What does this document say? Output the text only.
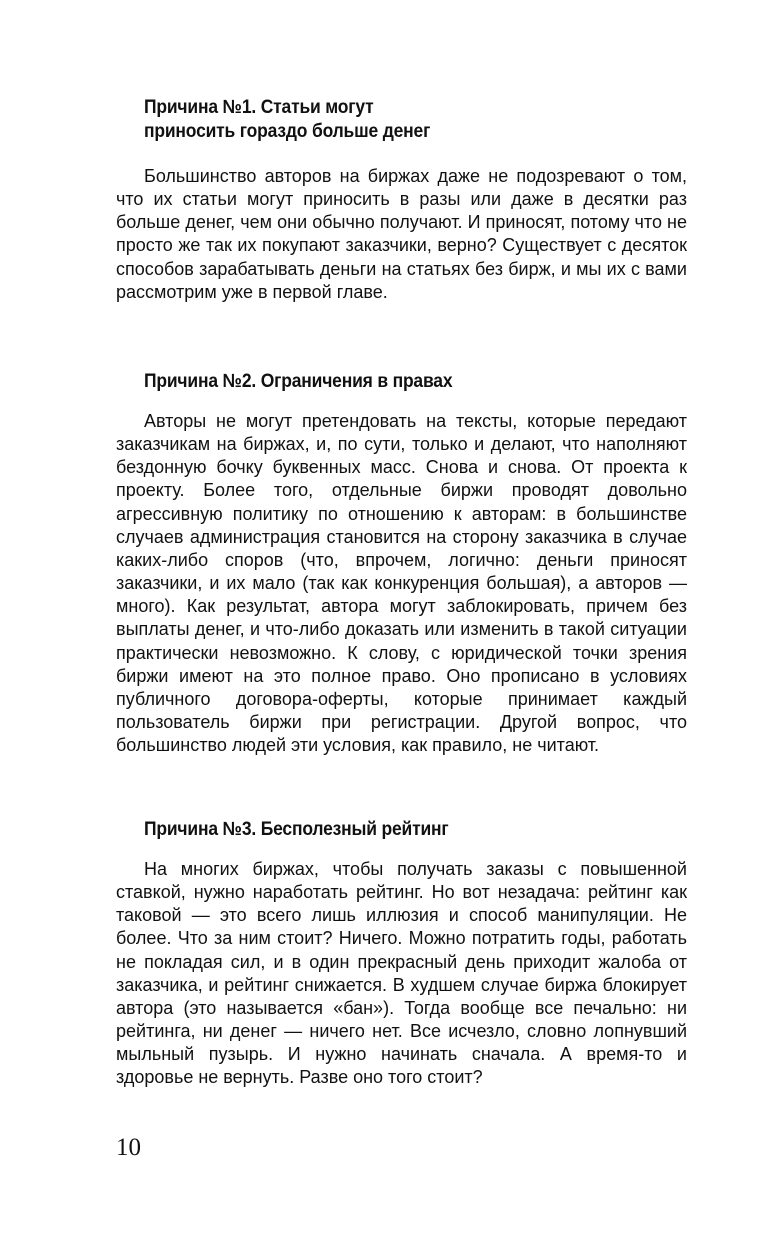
Причина №1. Статьи могут
приносить гораздо больше денег

Большинство авторов на биржах даже не подозревают о том, что их статьи могут приносить в разы или даже в десятки раз больше денег, чем они обычно получают. И приносят, потому что не просто же так их покупают заказчики, верно? Существует с десяток способов зарабатывать деньги на статьях без бирж, и мы их с вами рассмотрим уже в первой главе.

Причина №2. Ограничения в правах

Авторы не могут претендовать на тексты, которые передают заказчикам на биржах, и, по сути, только и делают, что наполняют бездонную бочку буквенных масс. Снова и снова. От проекта к проекту. Более того, отдельные биржи проводят довольно агрессивную политику по отношению к авторам: в большинстве случаев администрация становится на сторону заказчика в случае каких-либо споров (что, впрочем, логично: деньги приносят заказчики, и их мало (так как конкуренция большая), а авторов — много). Как результат, автора могут заблокировать, причем без выплаты денег, и что-либо доказать или изменить в такой ситуации практически невозможно. К слову, с юридической точки зрения биржи имеют на это полное право. Оно прописано в условиях публичного договора-оферты, которые принимает каждый пользователь биржи при регистрации. Другой вопрос, что большинство людей эти условия, как правило, не читают.

Причина №3. Бесполезный рейтинг

На многих биржах, чтобы получать заказы с повышенной ставкой, нужно наработать рейтинг. Но вот незадача: рейтинг как таковой — это всего лишь иллюзия и способ манипуляции. Не более. Что за ним стоит? Ничего. Можно потратить годы, работать не покладая сил, и в один прекрасный день приходит жалоба от заказчика, и рейтинг снижается. В худшем случае биржа блокирует автора (это называется «бан»). Тогда вообще все печально: ни рейтинга, ни денег — ничего нет. Все исчезло, словно лопнувший мыльный пузырь. И нужно начинать сначала. А время-то и здоровье не вернуть. Разве оно того стоит?

10
